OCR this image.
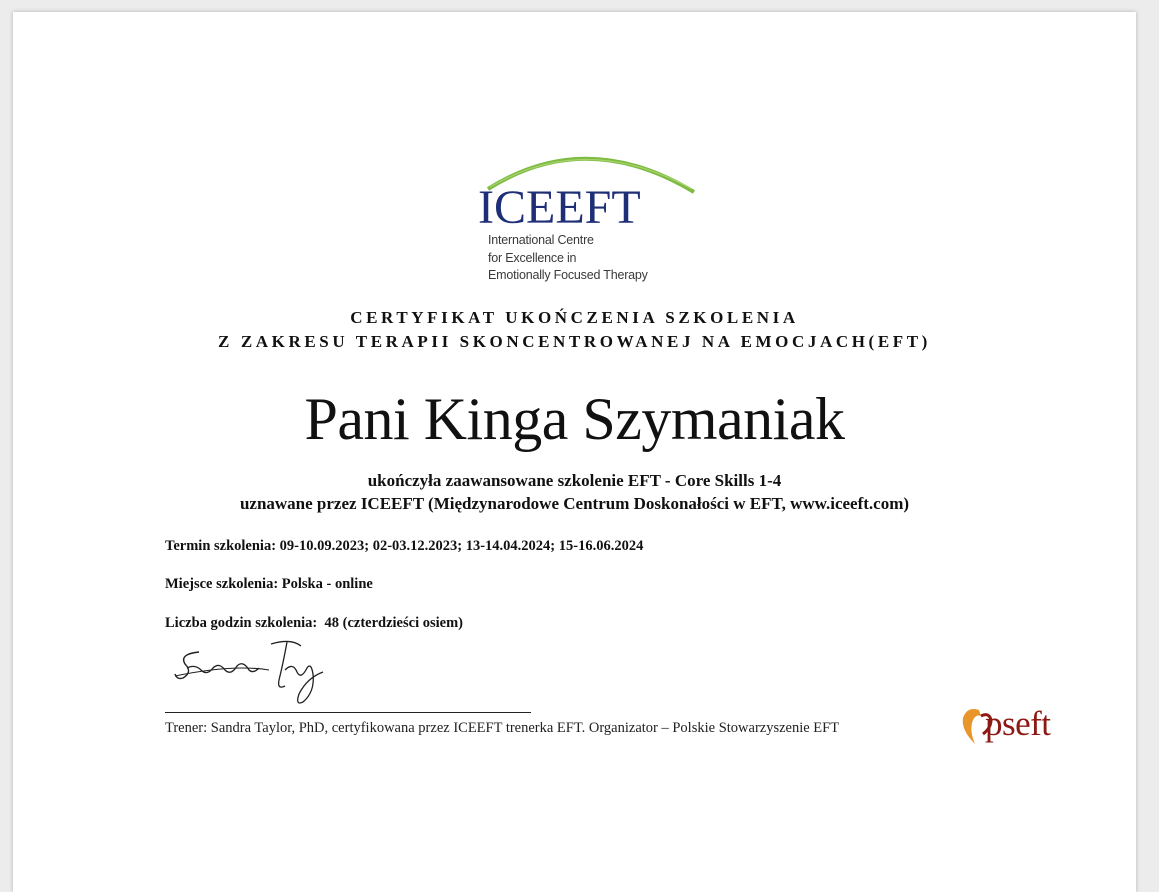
ICEEFT
International Centre
for Excellence in
Emotionally Focused Therapy
CERTYFIKAT UKOŃCZENIA SZKOLENIA
Z ZAKRESU TERAPII SKONCENTROWANEJ NA EMOCJACH(EFT)
Pani Kinga Szymaniak
ukończyła zaawansowane szkolenie EFT - Core Skills 1-4
uznawane przez ICEEFT (Międzynarodowe Centrum Doskonałości w EFT, www.iceeft.com)
Termin szkolenia: 09-10.09.2023; 02-03.12.2023; 13-14.04.2024; 15-16.06.2024
Miejsce szkolenia: Polska - online
Liczba godzin szkolenia:  48 (czterdzieści osiem)
Trener: Sandra Taylor, PhD, certyfikowana przez ICEEFT trenerka EFT. Organizator – Polskie Stowarzyszenie EFT	pseft
